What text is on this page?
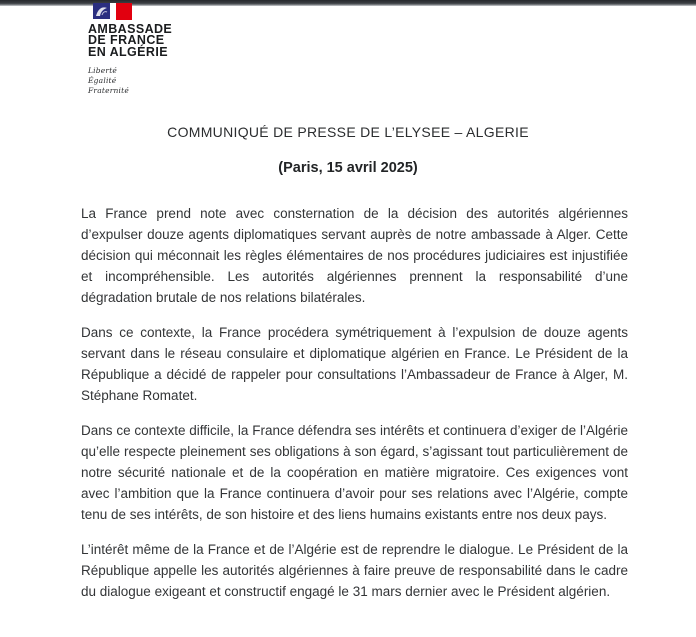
AMBASSADE
DE FRANCE
EN ALGÉRIE
Liberté
Égalité
Fraternité
COMMUNIQUÉ DE PRESSE DE L’ELYSEE – ALGERIE

(Paris, 15 avril 2025)

La France prend note avec consternation de la décision des autorités algériennes d’expulser douze agents diplomatiques servant auprès de notre ambassade à Alger. Cette décision qui méconnait les règles élémentaires de nos procédures judiciaires est injustifiée et incompréhensible. Les autorités algériennes prennent la responsabilité d’une dégradation brutale de nos relations bilatérales.

Dans ce contexte, la France procédera symétriquement à l’expulsion de douze agents servant dans le réseau consulaire et diplomatique algérien en France. Le Président de la République a décidé de rappeler pour consultations l’Ambassadeur de France à Alger, M. Stéphane Romatet.

Dans ce contexte difficile, la France défendra ses intérêts et continuera d’exiger de l’Algérie qu’elle respecte pleinement ses obligations à son égard, s’agissant tout particulièrement de notre sécurité nationale et de la coopération en matière migratoire. Ces exigences vont avec l’ambition que la France continuera d’avoir pour ses relations avec l’Algérie, compte tenu de ses intérêts, de son histoire et des liens humains existants entre nos deux pays.

L’intérêt même de la France et de l’Algérie est de reprendre le dialogue. Le Président de la République appelle les autorités algériennes à faire preuve de responsabilité dans le cadre du dialogue exigeant et constructif engagé le 31 mars dernier avec le Président algérien.
